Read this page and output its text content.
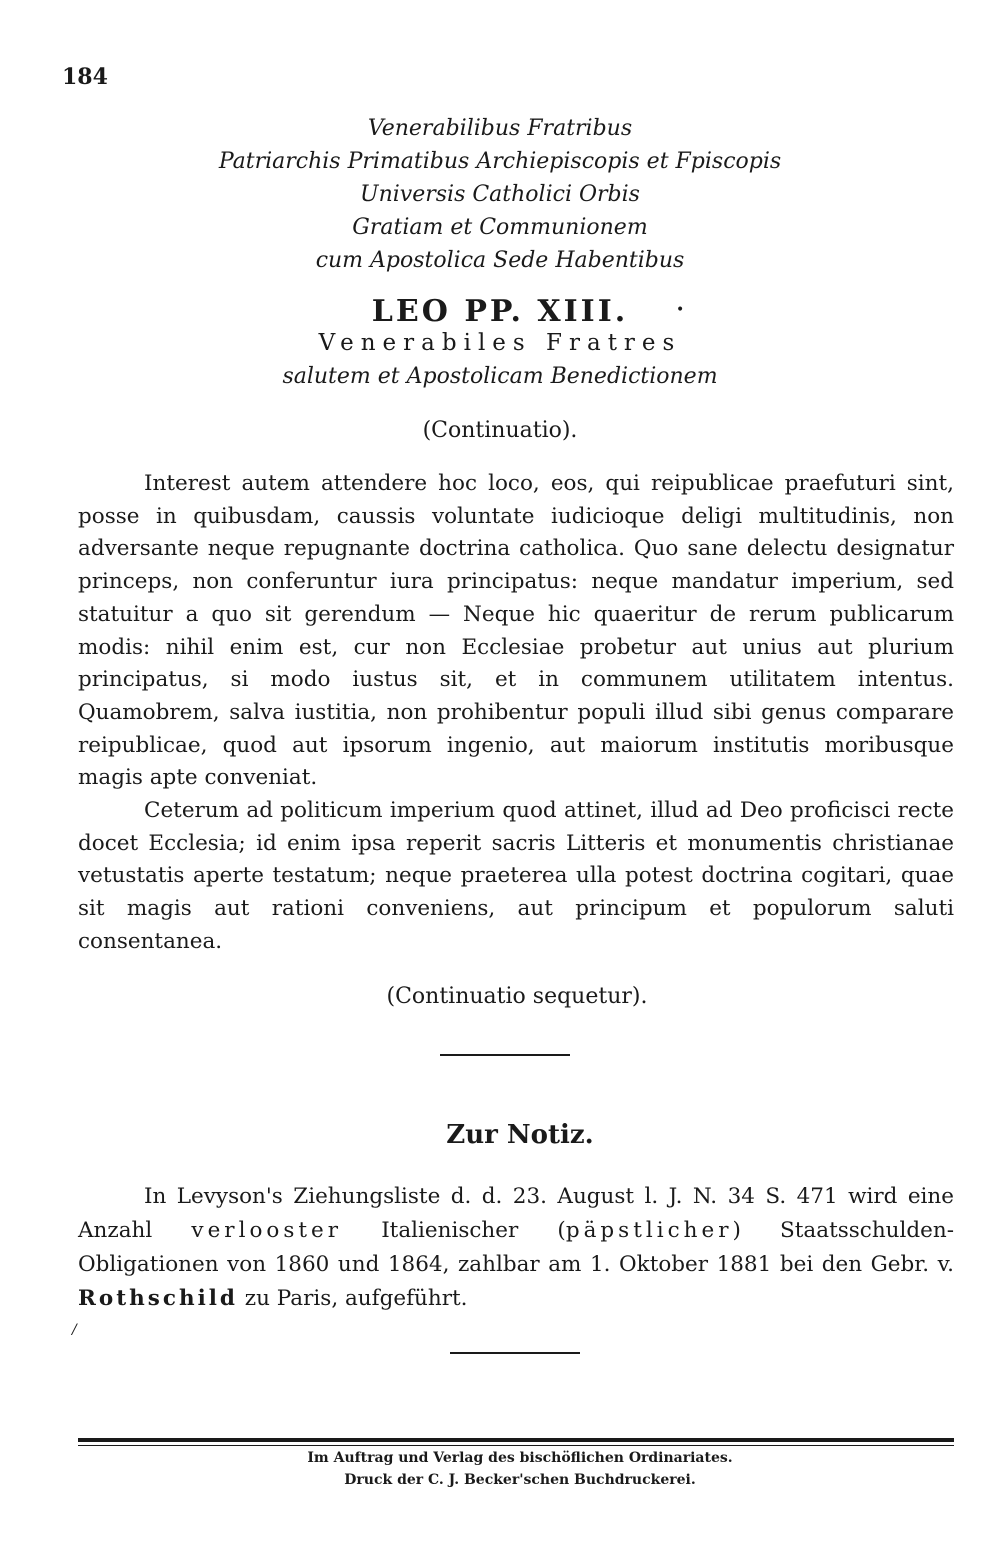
184
Venerabilibus Fratribus
Patriarchis Primatibus Archiepiscopis et Fpiscopis
Universis Catholici Orbis
Gratiam et Communionem
cum Apostolica Sede Habentibus
LEO PP. XIII.	•
Venerabiles Fratres
salutem et Apostolicam Benedictionem
(Continuatio).

Interest autem attendere hoc loco, eos, qui reipublicae praefuturi sint, posse in quibusdam, caussis voluntate iudicioque deligi multitudinis, non adversante neque repugnante doctrina catholica. Quo sane delectu designatur princeps, non conferuntur iura principatus: neque mandatur imperium, sed statuitur a quo sit gerendum — Neque hic quaeritur de rerum publicarum modis: nihil enim est, cur non Ecclesiae probetur aut unius aut plurium principatus, si modo iustus sit, et in communem utilitatem intentus. Quamobrem, salva iustitia, non prohibentur populi illud sibi genus comparare reipublicae, quod aut ipsorum ingenio, aut maiorum institutis moribusque magis apte conveniat.

Ceterum ad politicum imperium quod attinet, illud ad Deo proficisci recte docet Ecclesia; id enim ipsa reperit sacris Litteris et monumentis christianae vetustatis aperte testatum; neque praeterea ulla potest doctrina cogitari, quae sit magis aut rationi conveniens, aut principum et populorum saluti consentanea.

(Continuatio sequetur).
Zur Notiz.

In Levyson's Ziehungsliste d. d. 23. August l. J. N. 34 S. 471 wird eine Anzahl verlooster Italienischer (päpstlicher) Staatsschulden-Obligationen von 1860 und 1864, zahlbar am 1. Oktober 1881 bei den Gebr. v. Rothschild zu Paris, aufgeführt.

/
Im Auftrag und Verlag des bischöflichen Ordinariates.
Druck der C. J. Becker'schen Buchdruckerei.
